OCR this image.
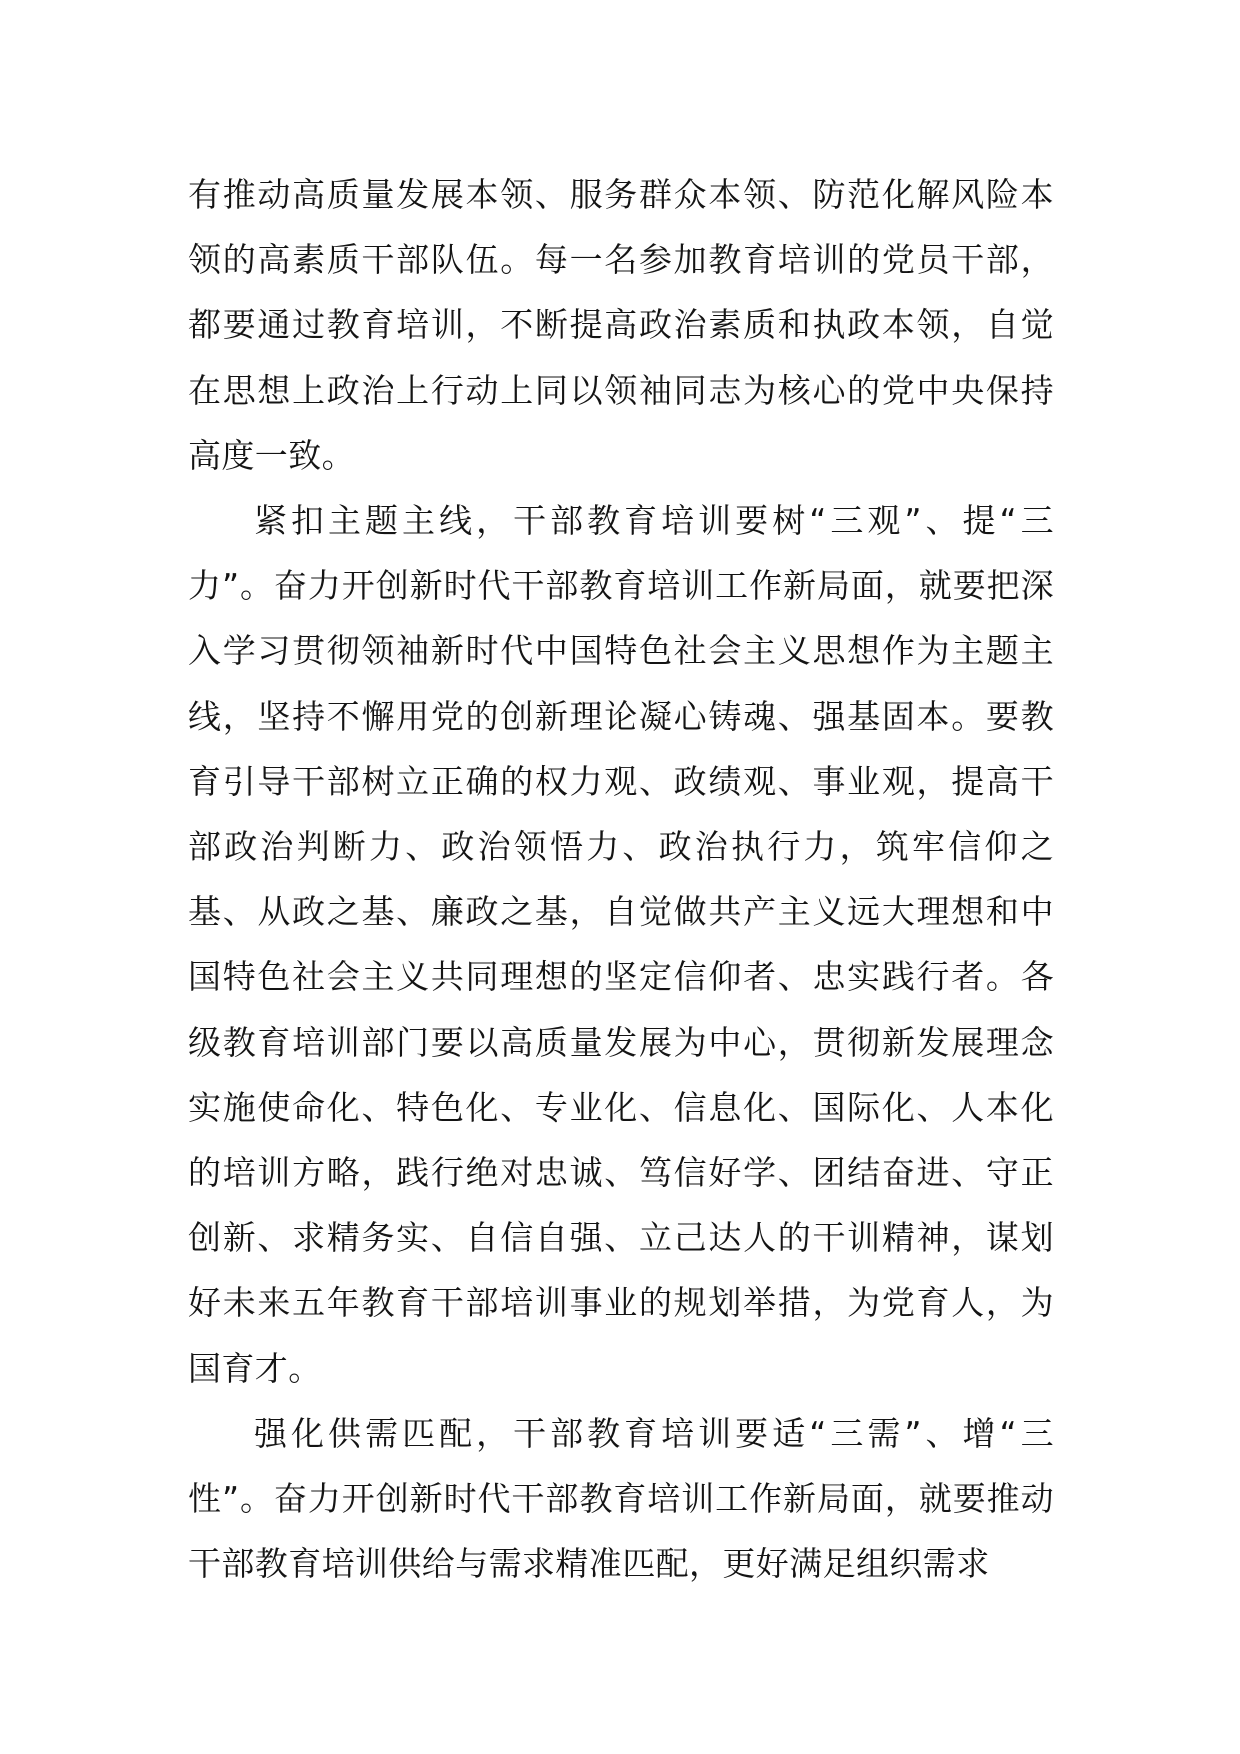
有推动高质量发展本领、服务群众本领、防范化解风险本领的高素质干部队伍。每一名参加教育培训的党员干部，都要通过教育培训，不断提高政治素质和执政本领，自觉在思想上政治上行动上同以领袖同志为核心的党中央保持高度一致。

紧扣主题主线，干部教育培训要树“三观”、提“三力”。奋力开创新时代干部教育培训工作新局面，就要把深入学习贯彻领袖新时代中国特色社会主义思想作为主题主线，坚持不懈用党的创新理论凝心铸魂、强基固本。要教育引导干部树立正确的权力观、政绩观、事业观，提高干部政治判断力、政治领悟力、政治执行力，筑牢信仰之基、从政之基、廉政之基，自觉做共产主义远大理想和中国特色社会主义共同理想的坚定信仰者、忠实践行者。各级教育培训部门要以高质量发展为中心，贯彻新发展理念实施使命化、特色化、专业化、信息化、国际化、人本化的培训方略，践行绝对忠诚、笃信好学、团结奋进、守正创新、求精务实、自信自强、立己达人的干训精神，谋划好未来五年教育干部培训事业的规划举措，为党育人，为国育才。

强化供需匹配，干部教育培训要适“三需”、增“三性”。奋力开创新时代干部教育培训工作新局面，就要推动干部教育培训供给与需求精准匹配，更好满足组织需求
